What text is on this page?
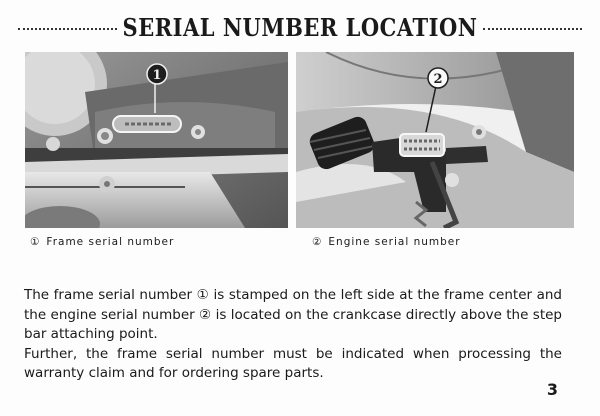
SERIAL NUMBER LOCATION
1	2
① Frame serial number	② Engine serial number

The frame serial number ① is stamped on the left side at the frame center and the engine serial number ② is located on the crankcase directly above the step bar attaching point.

Further, the frame serial number must be indicated when processing the warranty claim and for ordering spare parts.

3
